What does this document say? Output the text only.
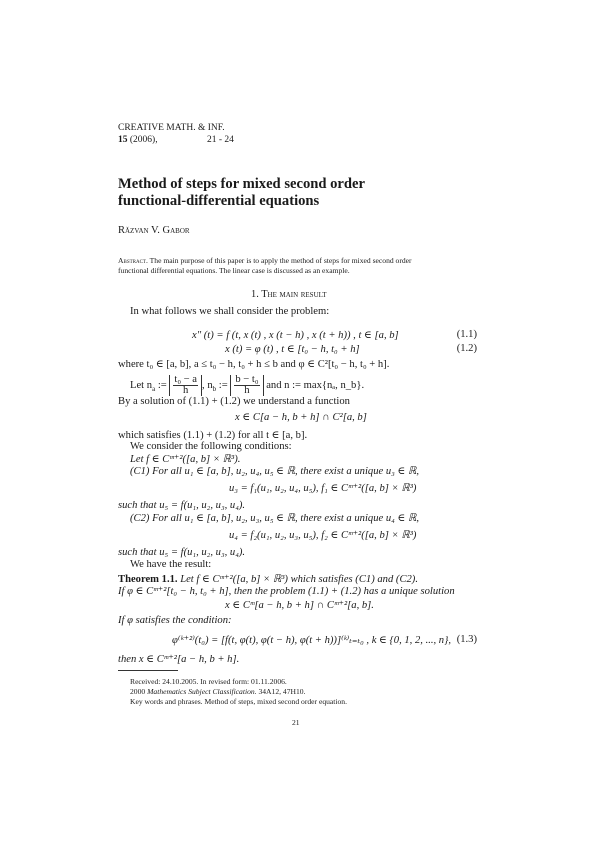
CREATIVE MATH. & INF.
15 (2006),	21 - 24
Method of steps for mixed second order
functional-differential equations
Răzvan V. Gabor
Abstract. The main purpose of this paper is to apply the method of steps for mixed second order
functional differential equations. The linear case is discussed as an example.
1. The main result
In what follows we shall consider the problem:
x″ (t) = f (t, x (t) , x (t − h) , x (t + h)) , t ∈ [a, b]	(1.1)
x (t) = φ (t) , t ∈ [t₀ − h, t₀ + h]	(1.2)
where t₀ ∈ [a, b], a ≤ t₀ − h, t₀ + h ≤ b and φ ∈ C²[t₀ − h, t₀ + h].
Let $n_a$ := $\frac{\text{t₀ − a}}{h}$ , $n_b$ := $\frac{\text{b − t₀}}{h}$ and n := max{nₐ, n_b}.
By a solution of (1.1) + (1.2) we understand a function
x ∈ C[a − h, b + h] ∩ C²[a, b]
which satisfies (1.1) + (1.2) for all t ∈ [a, b].
We consider the following conditions:
Let f ∈ Cᵐ⁺²([a, b] × ℝ³).
(C1) For all u₁ ∈ [a, b], u₂, u₄, u₅ ∈ ℝ, there exist a unique u₃ ∈ ℝ,
u₃ = f₁(u₁, u₂, u₄, u₅), f₁ ∈ Cᵐ⁺²([a, b] × ℝ³)
such that u₅ = f(u₁, u₂, u₃, u₄).
(C2) For all u₁ ∈ [a, b], u₂, u₃, u₅ ∈ ℝ, there exist a unique u₄ ∈ ℝ,
u₄ = f₂(u₁, u₂, u₃, u₅), f₂ ∈ Cᵐ⁺²([a, b] × ℝ³)
such that u₅ = f(u₁, u₂, u₃, u₄).
We have the result:
Theorem 1.1. Let f ∈ Cᵐ⁺²([a, b] × ℝ³) which satisfies (C1) and (C2).
If φ ∈ Cᵐ⁺²[t₀ − h, t₀ + h], then the problem (1.1) + (1.2) has a unique solution
x ∈ Cᵐ[a − h, b + h] ∩ Cᵐ⁺²[a, b].
If φ satisfies the condition:
φ⁽ᵏ⁺²⁾(t₀) = [f(t, φ(t), φ(t − h), φ(t + h))]⁽ᵏ⁾ₜ₌ₜ₀ , k ∈ {0, 1, 2, ..., n}, (1.3)
then x ∈ Cᵐ⁺²[a − h, b + h].
Received: 24.10.2005. In revised form: 01.11.2006.
2000 Mathematics Subject Classification. 34A12, 47H10.
Key words and phrases. Method of steps, mixed second order equation.
21
